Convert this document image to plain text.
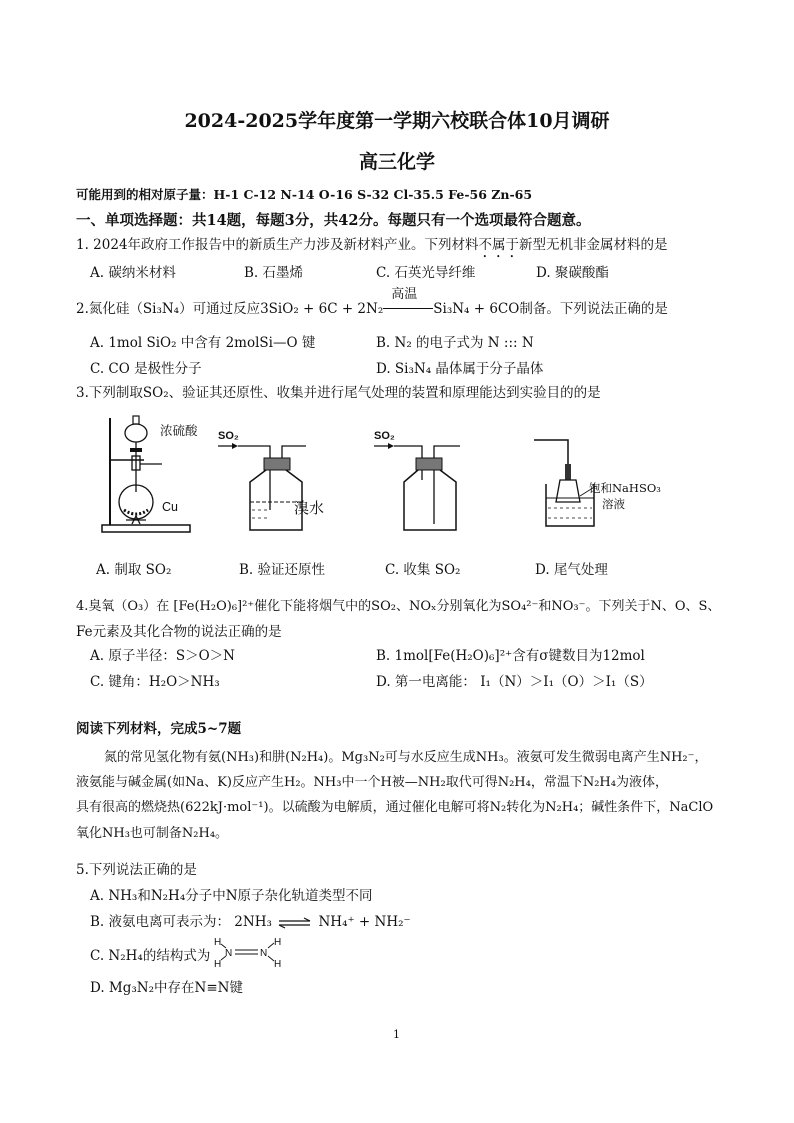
2024-2025学年度第一学期六校联合体10月调研
高三化学
可能用到的相对原子量：H-1 C-12 N-14 O-16 S-32 Cl-35.5 Fe-56 Zn-65
一、单项选择题：共14题，每题3分，共42分。每题只有一个选项最符合题意。
1. 2024年政府工作报告中的新质生产力涉及新材料产业。下列材料不属于新型无机非金属材料的是
A. 碳纳米材料	B. 石墨烯	C. 石英光导纤维	D. 聚碳酸酯
2.氮化硅（Si₃N₄）可通过反应3SiO₂ + 6C + 2N₂
高温
Si₃N₄ + 6CO制备。下列说法正确的是
A. 1mol SiO₂ 中含有 2molSi—O 键	B. N₂ 的电子式为 N ::: N
C. CO 是极性分子	D. Si₃N₄ 晶体属于分子晶体
3.下列制取SO₂、验证其还原性、收集并进行尾气处理的装置和原理能达到实验目的的是
浓硫酸
Cu
SO₂
溴水
SO₂
饱和NaHSO₃
溶液
A. 制取 SO₂	B. 验证还原性	C. 收集 SO₂	D. 尾气处理
4.臭氧（O₃）在 [Fe(H₂O)₆]²⁺催化下能将烟气中的SO₂、NOₓ分别氧化为SO₄²⁻和NO₃⁻。下列关于N、O、S、
Fe元素及其化合物的说法正确的是
A. 原子半径：S＞O＞N	B. 1mol[Fe(H₂O)₆]²⁺含有σ键数目为12mol
C. 键角：H₂O＞NH₃	D. 第一电离能： I₁（N）＞I₁（O）＞I₁（S）
阅读下列材料，完成5~7题
氮的常见氢化物有氨(NH₃)和肼(N₂H₄)。Mg₃N₂可与水反应生成NH₃。液氨可发生微弱电离产生NH₂⁻，
液氨能与碱金属(如Na、K)反应产生H₂。NH₃中一个H被—NH₂取代可得N₂H₄，常温下N₂H₄为液体，
具有很高的燃烧热(622kJ·mol⁻¹)。以硫酸为电解质，通过催化电解可将N₂转化为N₂H₄；碱性条件下，NaClO
氧化NH₃也可制备N₂H₄。
5.下列说法正确的是
A. NH₃和N₂H₄分子中N原子杂化轨道类型不同
B. 液氨电离可表示为： 2NH₃ ⇌ NH₄⁺ + NH₂⁻
C. N₂H₄的结构式为
H
H
N	N
H
H
D. Mg₃N₂中存在N≡N键
1
